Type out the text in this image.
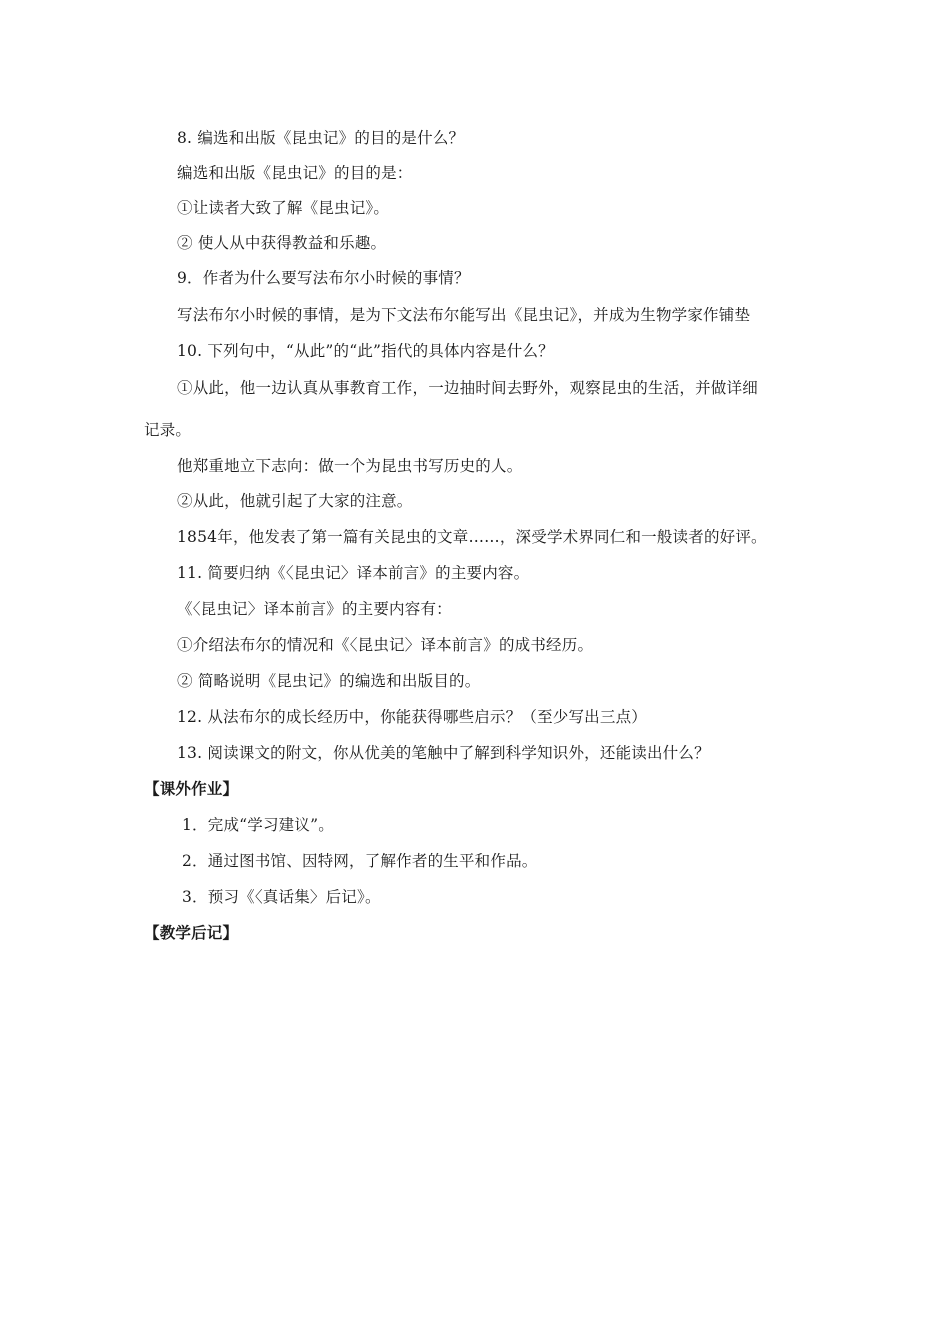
8. 编选和出版《昆虫记》的目的是什么？
编选和出版《昆虫记》的目的是：
①让读者大致了解《昆虫记》。
② 使人从中获得教益和乐趣。
9．作者为什么要写法布尔小时候的事情？
写法布尔小时候的事情，是为下文法布尔能写出《昆虫记》，并成为生物学家作铺垫
10. 下列句中，“从此”的“此”指代的具体内容是什么？
①从此，他一边认真从事教育工作，一边抽时间去野外，观察昆虫的生活，并做详细
记录。
他郑重地立下志向：做一个为昆虫书写历史的人。
②从此，他就引起了大家的注意。
1854年，他发表了第一篇有关昆虫的文章……，深受学术界同仁和一般读者的好评。
11. 简要归纳《〈昆虫记〉译本前言》的主要内容。
《〈昆虫记〉译本前言》的主要内容有：
①介绍法布尔的情况和《〈昆虫记〉译本前言》的成书经历。
② 简略说明《昆虫记》的编选和出版目的。
12. 从法布尔的成长经历中，你能获得哪些启示？（至少写出三点）
13. 阅读课文的附文，你从优美的笔触中了解到科学知识外，还能读出什么？
【课外作业】
1．完成“学习建议”。
2．通过图书馆、因特网，了解作者的生平和作品。
3．预习《〈真话集〉后记》。
【教学后记】
